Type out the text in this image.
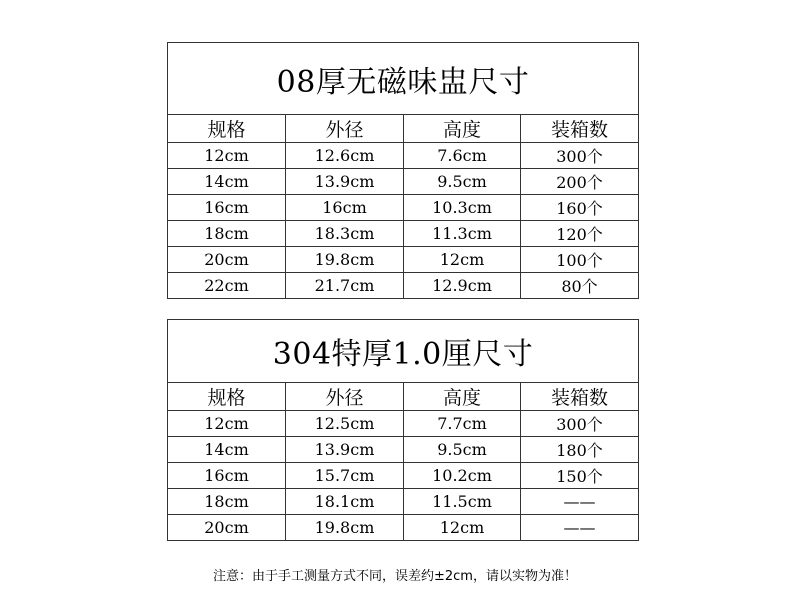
08厚无磁味盅尺寸			
规格	外径	高度	装箱数
12cm	12.6cm	7.6cm	300个
14cm	13.9cm	9.5cm	200个
16cm	16cm	10.3cm	160个
18cm	18.3cm	11.3cm	120个
20cm	19.8cm	12cm	100个
22cm	21.7cm	12.9cm	80个
304特厚1.0厘尺寸			
规格	外径	高度	装箱数
12cm	12.5cm	7.7cm	300个
14cm	13.9cm	9.5cm	180个
16cm	15.7cm	10.2cm	150个
18cm	18.1cm	11.5cm	——
20cm	19.8cm	12cm	——
注意：由于手工测量方式不同，误差约±2cm，请以实物为准！
